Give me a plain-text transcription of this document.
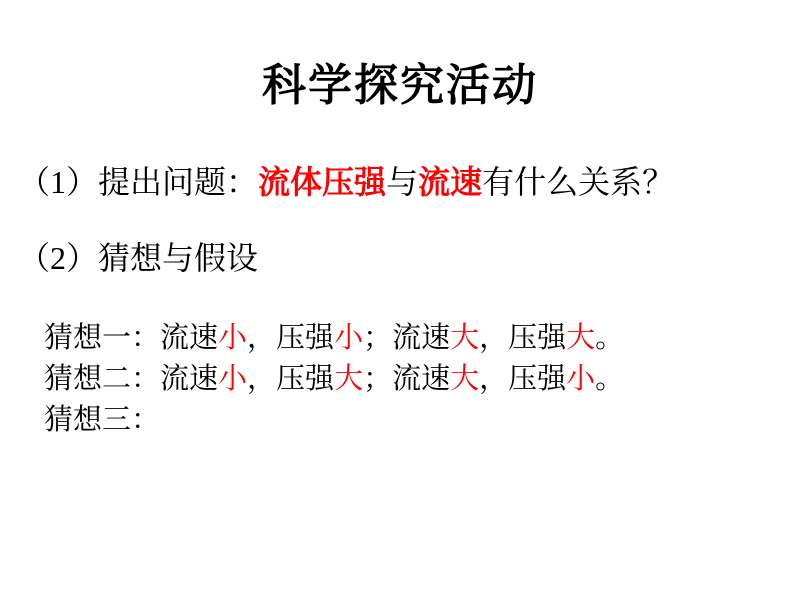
科学探究活动
（1）提出问题：流体压强与流速有什么关系？
（2）猜想与假设
猜想一：流速小，压强小；流速大，压强大。
猜想二：流速小，压强大；流速大，压强小。
猜想三：
